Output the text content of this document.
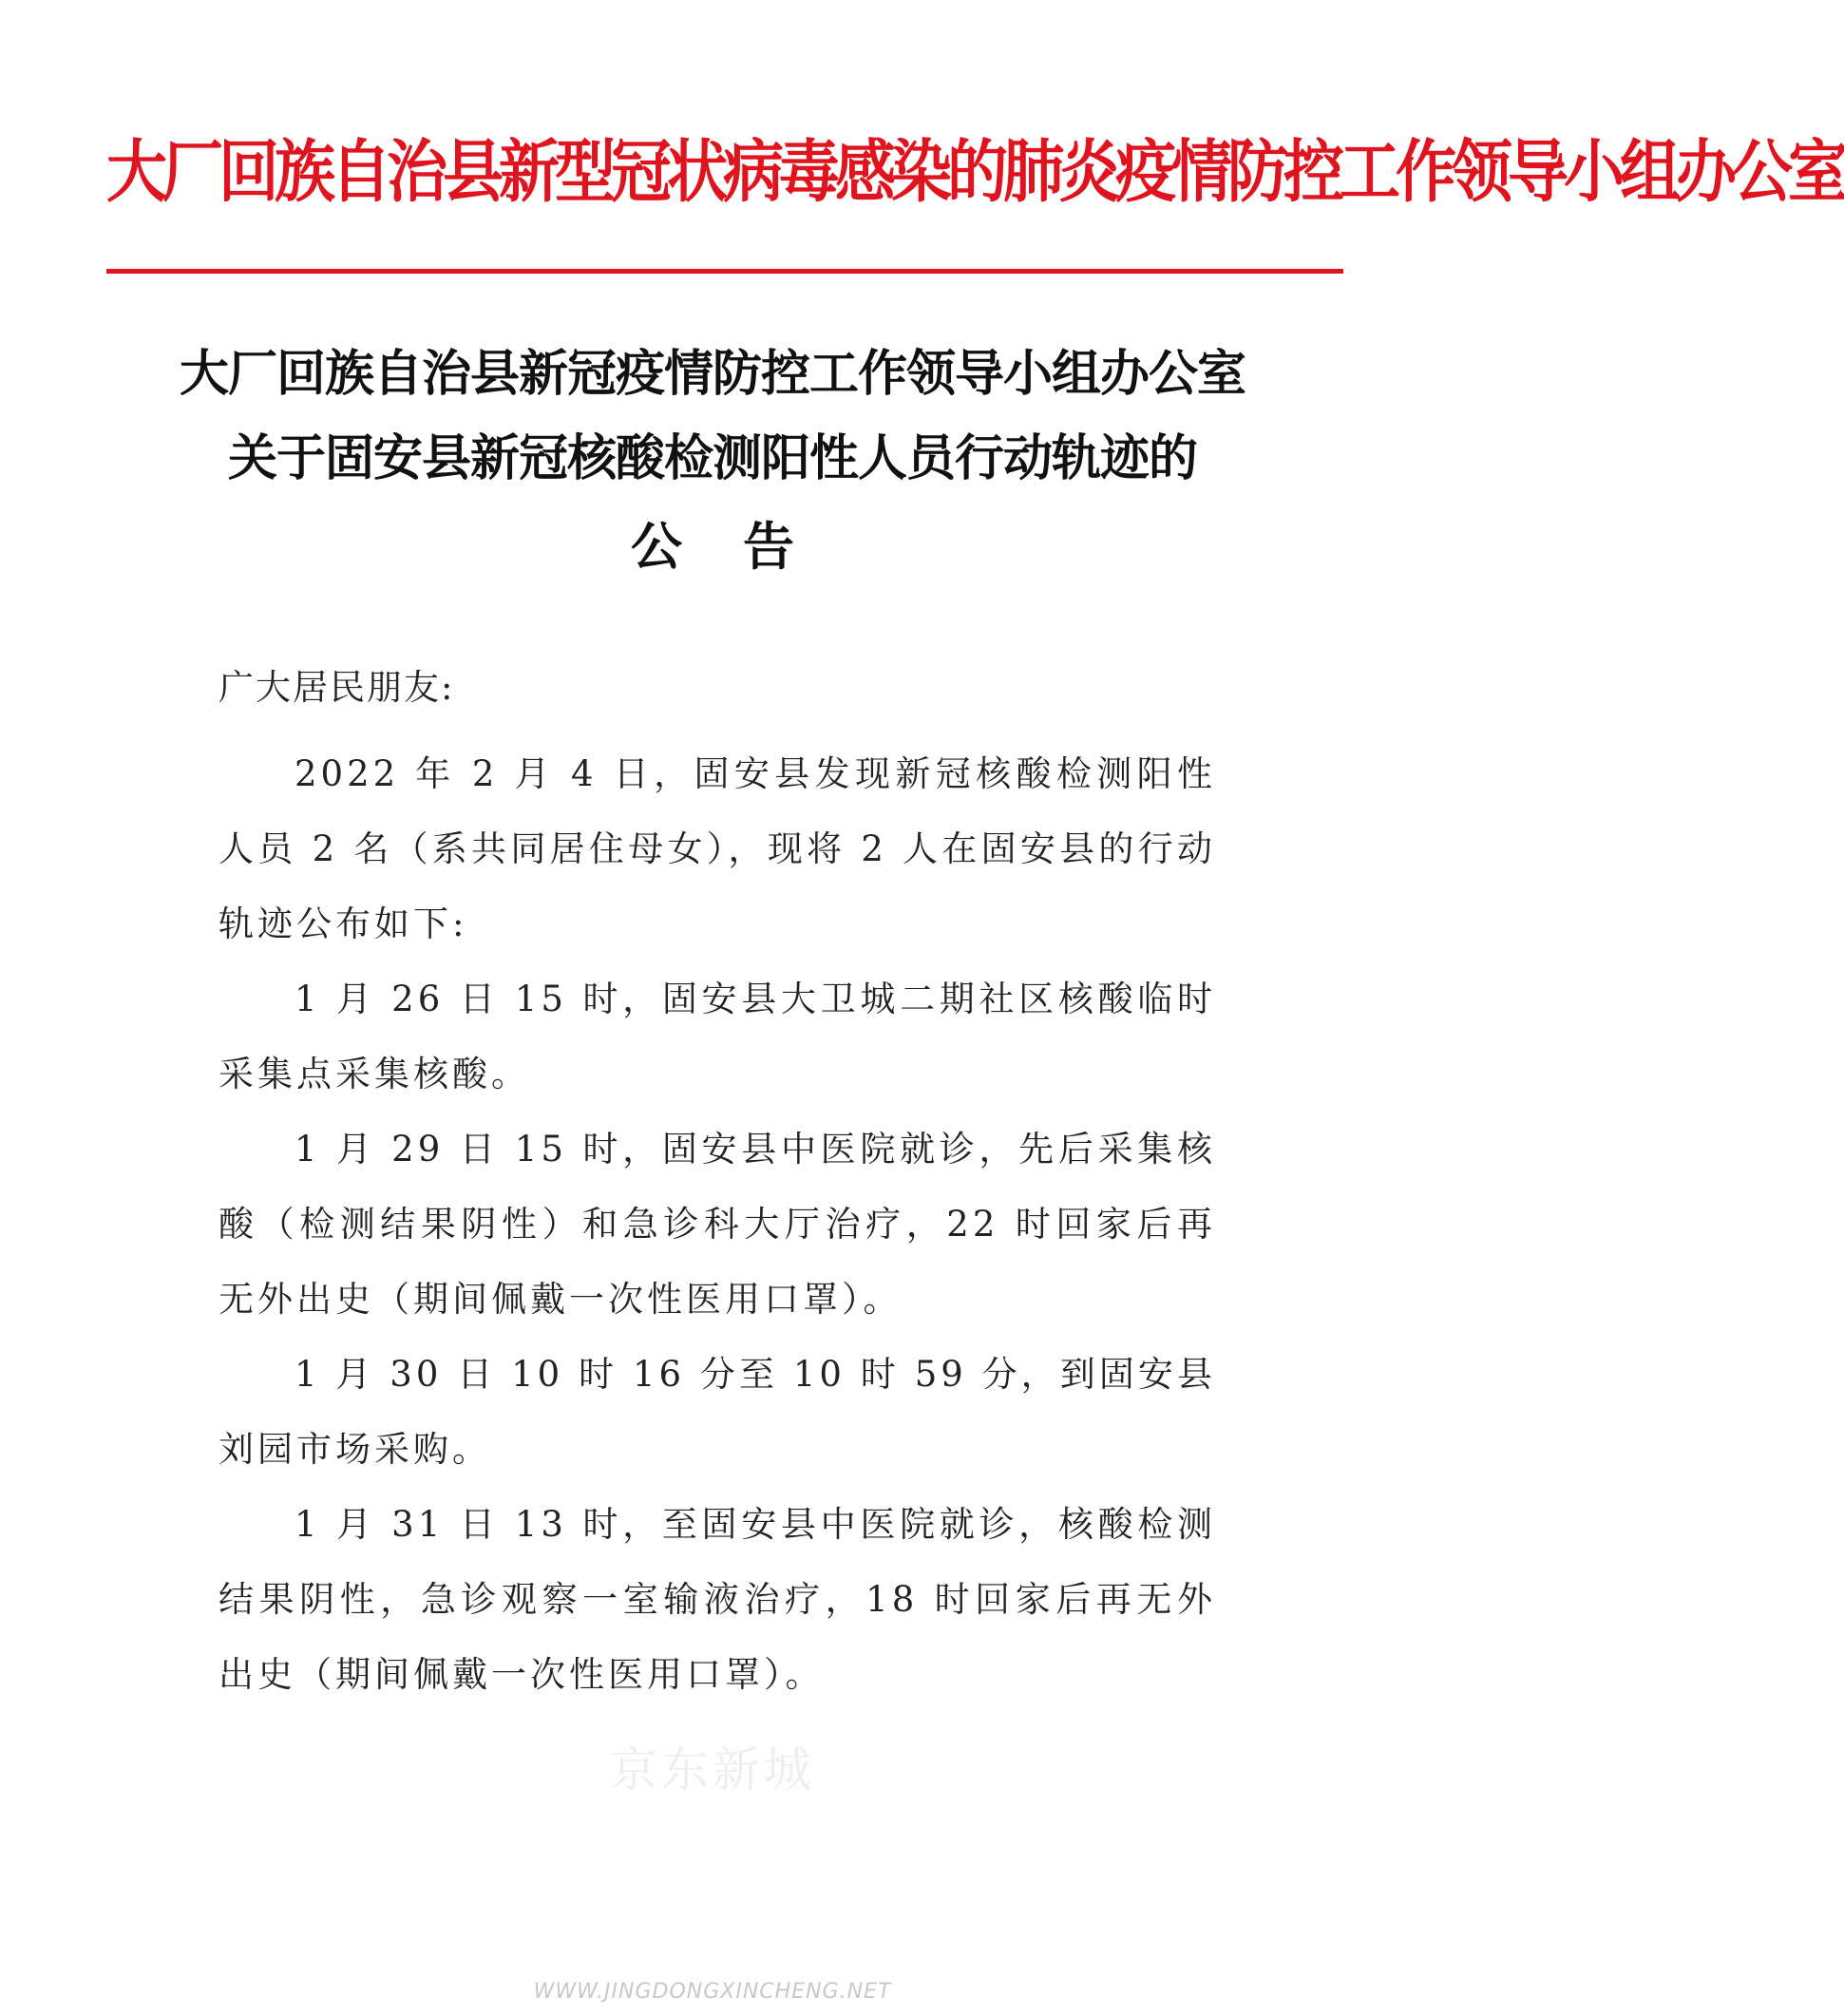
大厂回族自治县新型冠状病毒感染的肺炎疫情防控工作领导小组办公室
大厂回族自治县新冠疫情防控工作领导小组办公室
关于固安县新冠核酸检测阳性人员行动轨迹的
公告
广大居民朋友:

2022 年 2 月 4 日，固安县发现新冠核酸检测阳性人员 2 名（系共同居住母女），现将 2 人在固安县的行动轨迹公布如下:

1 月 26 日 15 时，固安县大卫城二期社区核酸临时采集点采集核酸。

1 月 29 日 15 时，固安县中医院就诊，先后采集核酸（检测结果阴性）和急诊科大厅治疗，22 时回家后再无外出史（期间佩戴一次性医用口罩）。

1 月 30 日 10 时 16 分至 10 时 59 分，到固安县刘园市场采购。

1 月 31 日 13 时，至固安县中医院就诊，核酸检测结果阴性，急诊观察一室输液治疗，18 时回家后再无外出史（期间佩戴一次性医用口罩）。

京东新城
WWW.JINGDONGXINCHENG.NET
